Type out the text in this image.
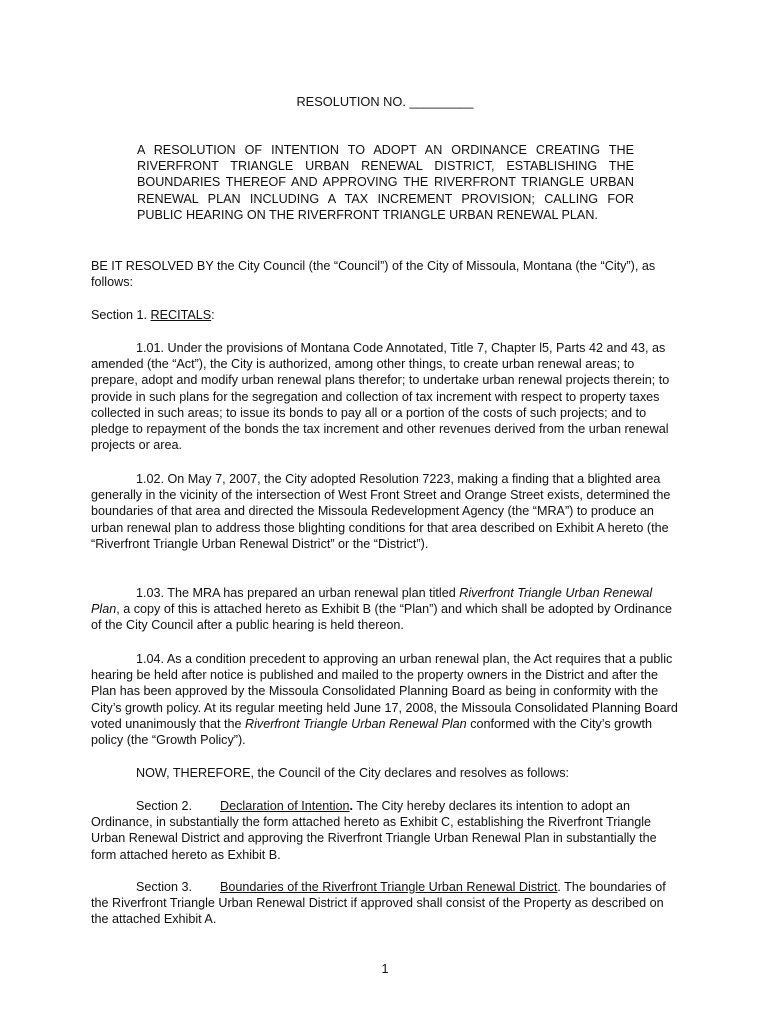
RESOLUTION NO. _________
A RESOLUTION OF INTENTION TO ADOPT AN ORDINANCE CREATING THE RIVERFRONT TRIANGLE URBAN RENEWAL DISTRICT, ESTABLISHING THE BOUNDARIES THEREOF AND APPROVING THE RIVERFRONT TRIANGLE URBAN RENEWAL PLAN INCLUDING A TAX INCREMENT PROVISION; CALLING FOR PUBLIC HEARING ON THE RIVERFRONT TRIANGLE URBAN RENEWAL PLAN.
BE IT RESOLVED BY the City Council (the “Council”) of the City of Missoula, Montana (the “City”), as follows:
Section 1. RECITALS:
1.01. Under the provisions of Montana Code Annotated, Title 7, Chapter l5, Parts 42 and 43, as amended (the “Act”), the City is authorized, among other things, to create urban renewal areas; to prepare, adopt and modify urban renewal plans therefor; to undertake urban renewal projects therein; to provide in such plans for the segregation and collection of tax increment with respect to property taxes collected in such areas; to issue its bonds to pay all or a portion of the costs of such projects; and to pledge to repayment of the bonds the tax increment and other revenues derived from the urban renewal projects or area.
1.02. On May 7, 2007, the City adopted Resolution 7223, making a finding that a blighted area generally in the vicinity of the intersection of West Front Street and Orange Street exists, determined the boundaries of that area and directed the Missoula Redevelopment Agency (the “MRA”) to produce an urban renewal plan to address those blighting conditions for that area described on Exhibit A hereto (the “Riverfront Triangle Urban Renewal District” or the “District”).
1.03. The MRA has prepared an urban renewal plan titled Riverfront Triangle Urban Renewal Plan, a copy of this is attached hereto as Exhibit B (the “Plan”) and which shall be adopted by Ordinance of the City Council after a public hearing is held thereon.
1.04. As a condition precedent to approving an urban renewal plan, the Act requires that a public hearing be held after notice is published and mailed to the property owners in the District and after the Plan has been approved by the Missoula Consolidated Planning Board as being in conformity with the City’s growth policy. At its regular meeting held June 17, 2008, the Missoula Consolidated Planning Board voted unanimously that the Riverfront Triangle Urban Renewal Plan conformed with the City’s growth policy (the “Growth Policy”).
NOW, THEREFORE, the Council of the City declares and resolves as follows:
Section 2. Declaration of Intention. The City hereby declares its intention to adopt an Ordinance, in substantially the form attached hereto as Exhibit C, establishing the Riverfront Triangle Urban Renewal District and approving the Riverfront Triangle Urban Renewal Plan in substantially the form attached hereto as Exhibit B.
Section 3. Boundaries of the Riverfront Triangle Urban Renewal District. The boundaries of the Riverfront Triangle Urban Renewal District if approved shall consist of the Property as described on the attached Exhibit A.
1
